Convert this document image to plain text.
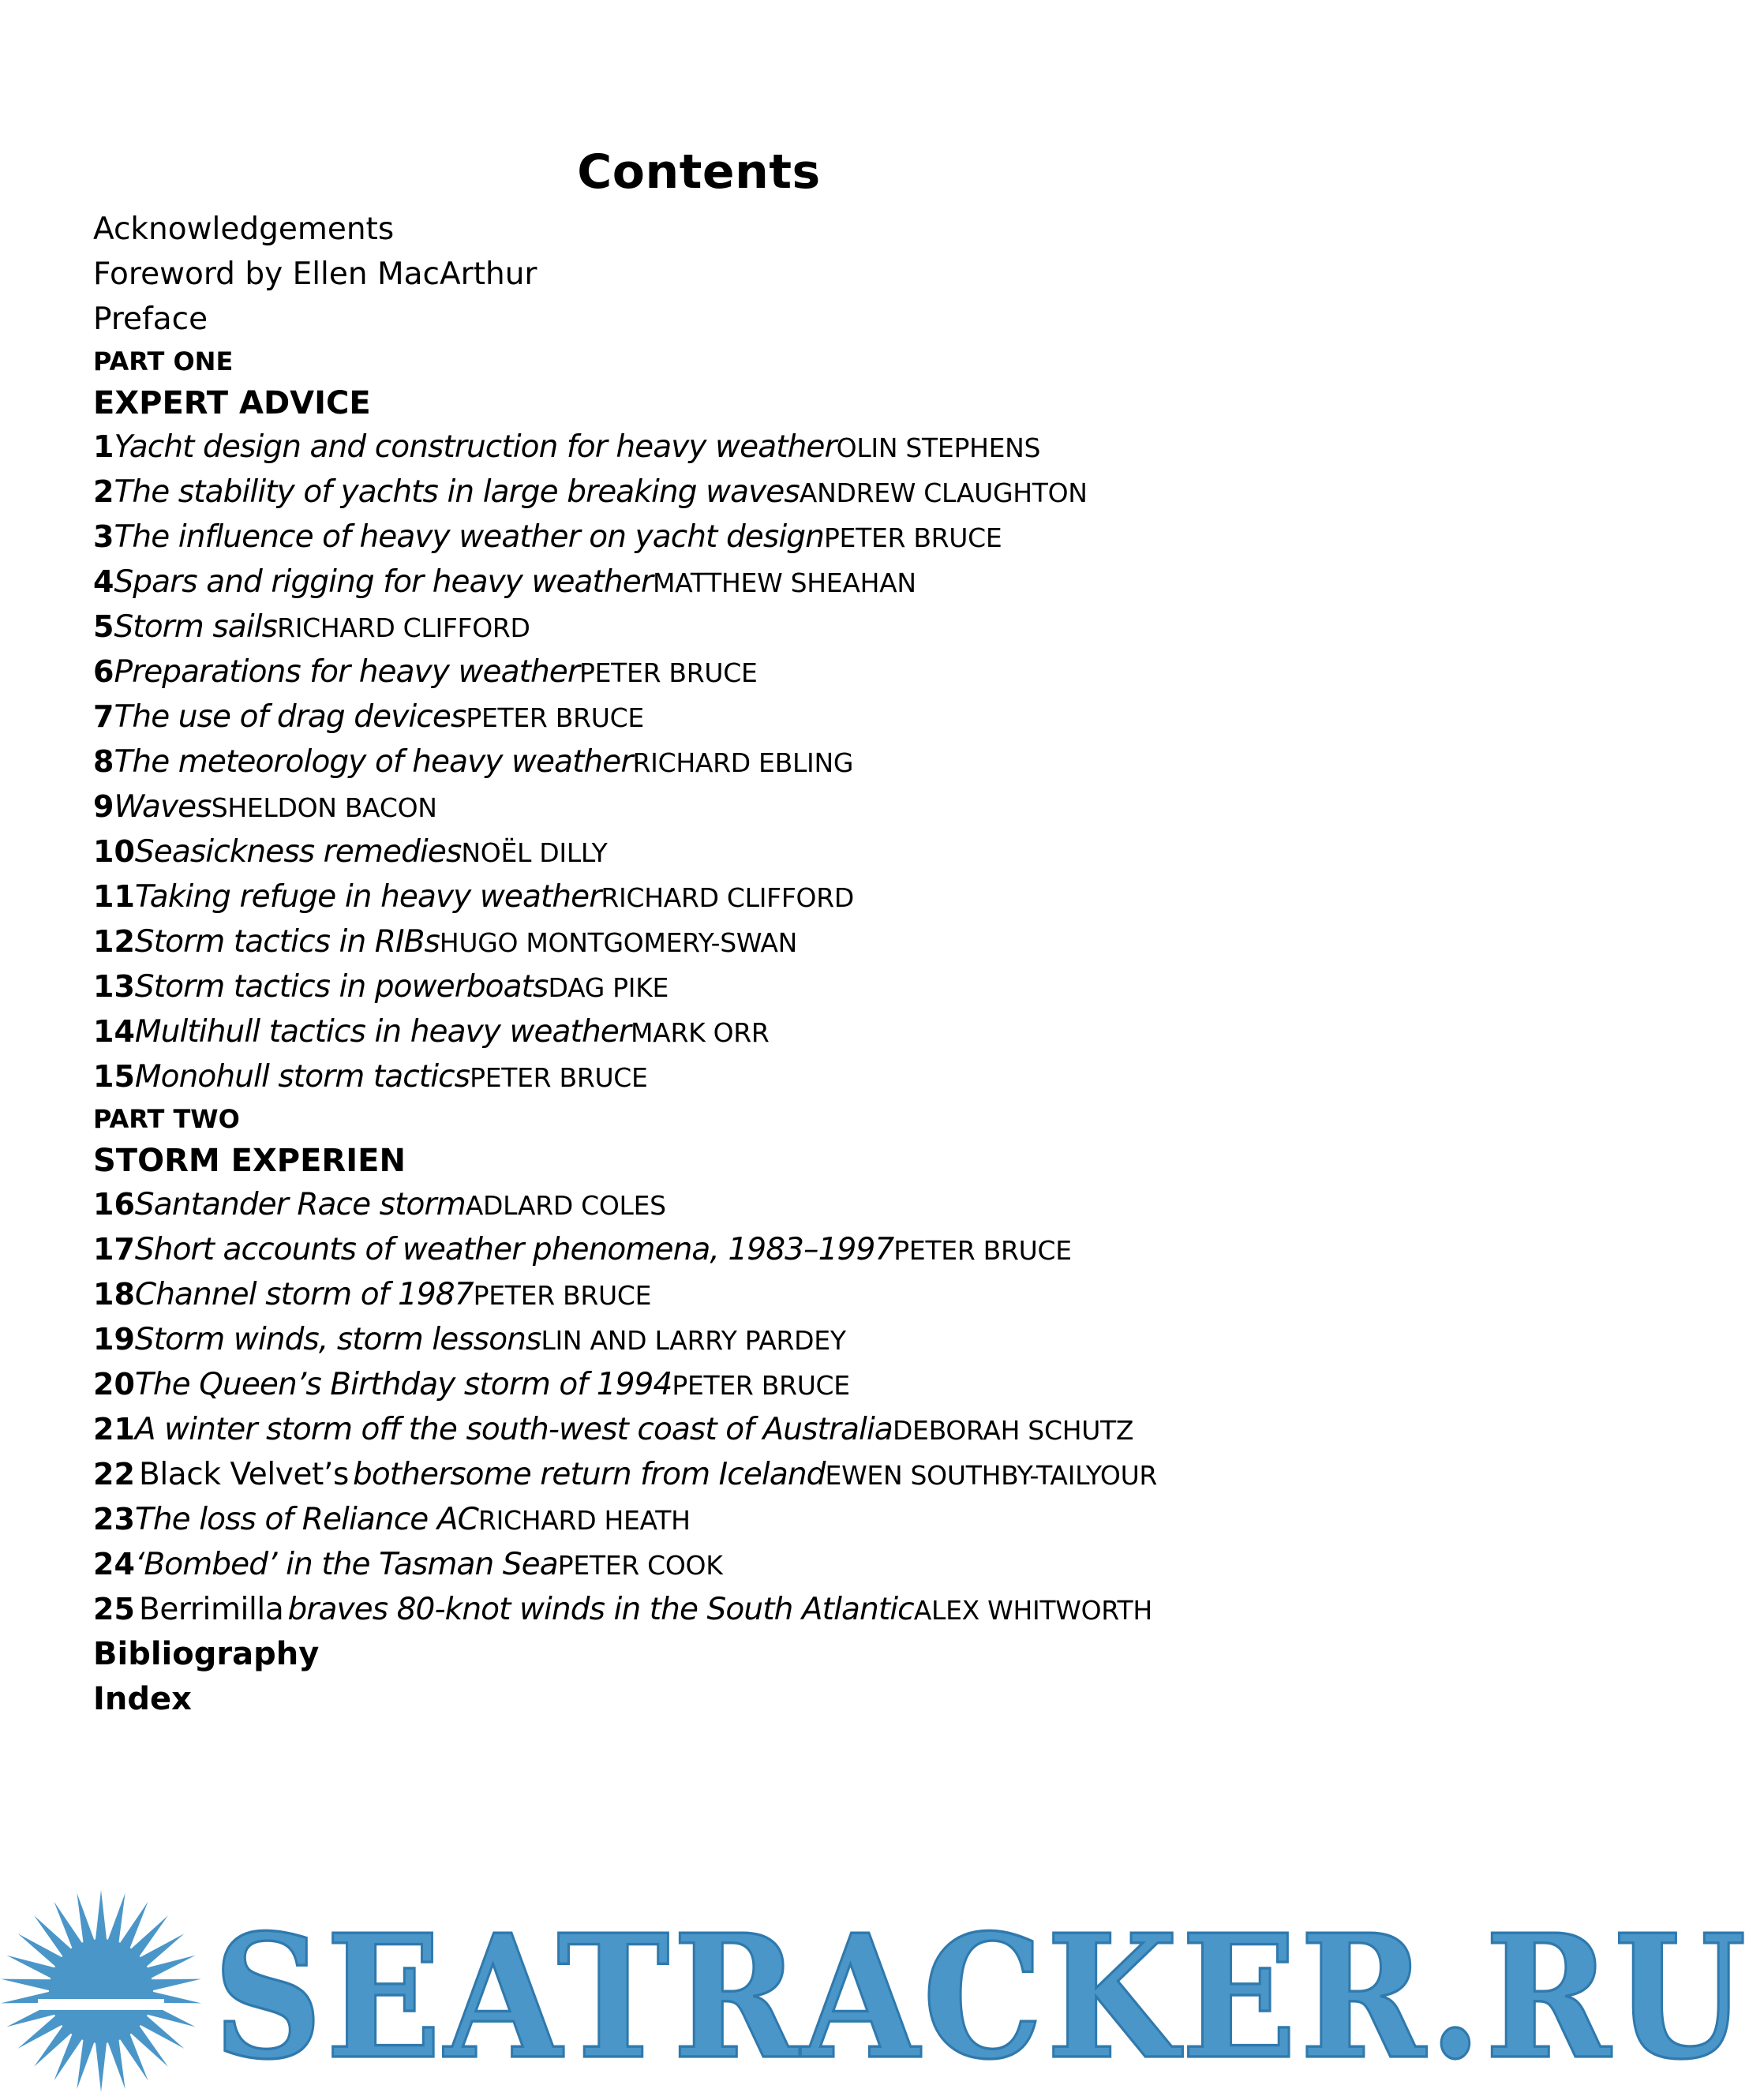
Contents
Acknowledgements
Foreword by Ellen MacArthur
Preface
PART ONE
EXPERT ADVICE
1Yacht design and construction for heavy weatherOLIN STEPHENS
2The stability of yachts in large breaking wavesANDREW CLAUGHTON
3The influence of heavy weather on yacht designPETER BRUCE
4Spars and rigging for heavy weatherMATTHEW SHEAHAN
5Storm sailsRICHARD CLIFFORD
6Preparations for heavy weatherPETER BRUCE
7The use of drag devicesPETER BRUCE
8The meteorology of heavy weatherRICHARD EBLING
9WavesSHELDON BACON
10Seasickness remediesNOËL DILLY
11Taking refuge in heavy weatherRICHARD CLIFFORD
12Storm tactics in RIBsHUGO MONTGOMERY-SWAN
13Storm tactics in powerboatsDAG PIKE
14Multihull tactics in heavy weatherMARK ORR
15Monohull storm tacticsPETER BRUCE
PART TWO
STORM EXPERIEN
16Santander Race stormADLARD COLES
17Short accounts of weather phenomena, 1983–1997PETER BRUCE
18Channel storm of 1987PETER BRUCE
19Storm winds, storm lessonsLIN AND LARRY PARDEY
20The Queen’s Birthday storm of 1994PETER BRUCE
21A winter storm off the south-west coast of AustraliaDEBORAH SCHUTZ
22 Black Velvet’s bothersome return from IcelandEWEN SOUTHBY-TAILYOUR
23The loss of Reliance ACRICHARD HEATH
24‘Bombed’ in the Tasman SeaPETER COOK
25 Berrimilla braves 80-knot winds in the South AtlanticALEX WHITWORTH
Bibliography
Index
SEATRACKER.RU
